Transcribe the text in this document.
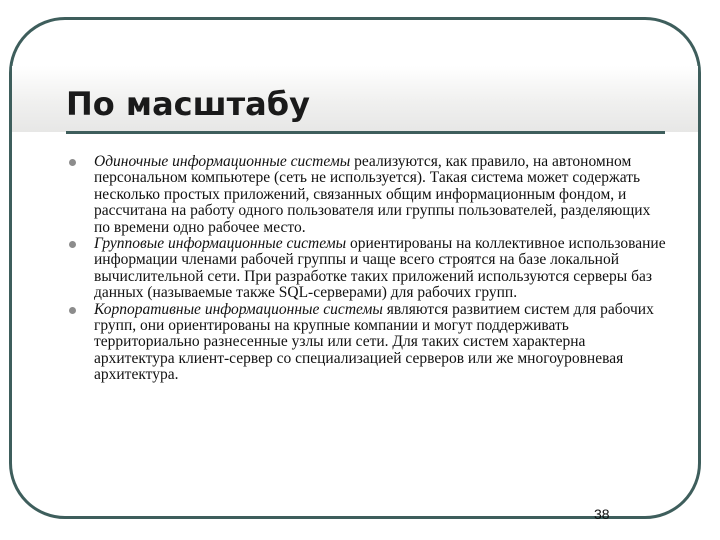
По масштабу
Одиночные информационные системы реализуются, как правило, на автономном персональном компьютере (сеть не используется). Такая система может содержать несколько простых приложений, связанных общим информационным фондом, и рассчитана на работу одного пользователя или группы пользователей, разделяющих по времени одно рабочее место.
Групповые информационные системы ориентированы на коллективное использование информации членами рабочей группы и чаще всего строятся на базе локальной вычислительной сети. При разработке таких приложений используются серверы баз данных (называемые также SQL-серверами) для рабочих групп.
Корпоративные информационные системы являются развитием систем для рабочих групп, они ориентированы на крупные компании и могут поддерживать территориально разнесенные узлы или сети. Для таких систем характерна архитектура клиент-сервер со специализацией серверов или же многоуровневая архитектура.
38
